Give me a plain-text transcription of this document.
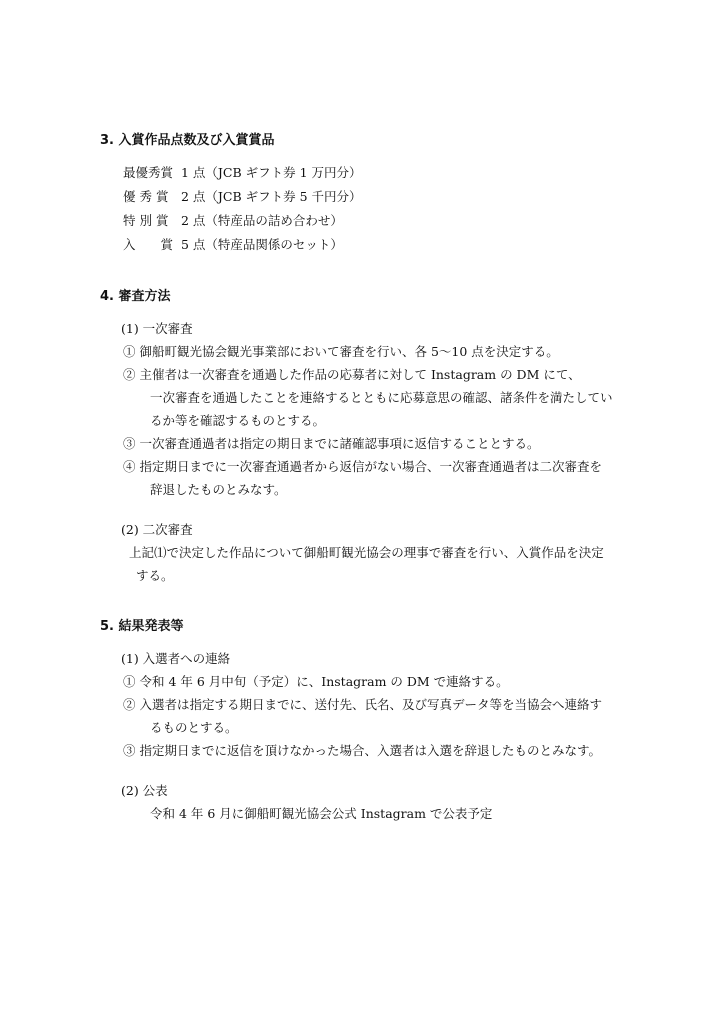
3. 入賞作品点数及び入賞賞品
最優秀賞 1 点（JCB ギフト券 1 万円分）
優 秀 賞 2 点（JCB ギフト券 5 千円分）
特 別 賞 2 点（特産品の詰め合わせ）
入　　賞 5 点（特産品関係のセット）
4. 審査方法
(1) 一次審査
① 御船町観光協会観光事業部において審査を行い、各 5〜10 点を決定する。
② 主催者は一次審査を通過した作品の応募者に対して Instagram の DM にて、
一次審査を通過したことを連絡するとともに応募意思の確認、諸条件を満たしてい
るか等を確認するものとする。
③ 一次審査通過者は指定の期日までに諸確認事項に返信することとする。
④ 指定期日までに一次審査通過者から返信がない場合、一次審査通過者は二次審査を
辞退したものとみなす。
(2) 二次審査
上記⑴で決定した作品について御船町観光協会の理事で審査を行い、入賞作品を決定
する。
5. 結果発表等
(1) 入選者への連絡
① 令和 4 年 6 月中旬（予定）に、Instagram の DM で連絡する。
② 入選者は指定する期日までに、送付先、氏名、及び写真データ等を当協会へ連絡す
るものとする。
③ 指定期日までに返信を頂けなかった場合、入選者は入選を辞退したものとみなす。
(2) 公表
令和 4 年 6 月に御船町観光協会公式 Instagram で公表予定
